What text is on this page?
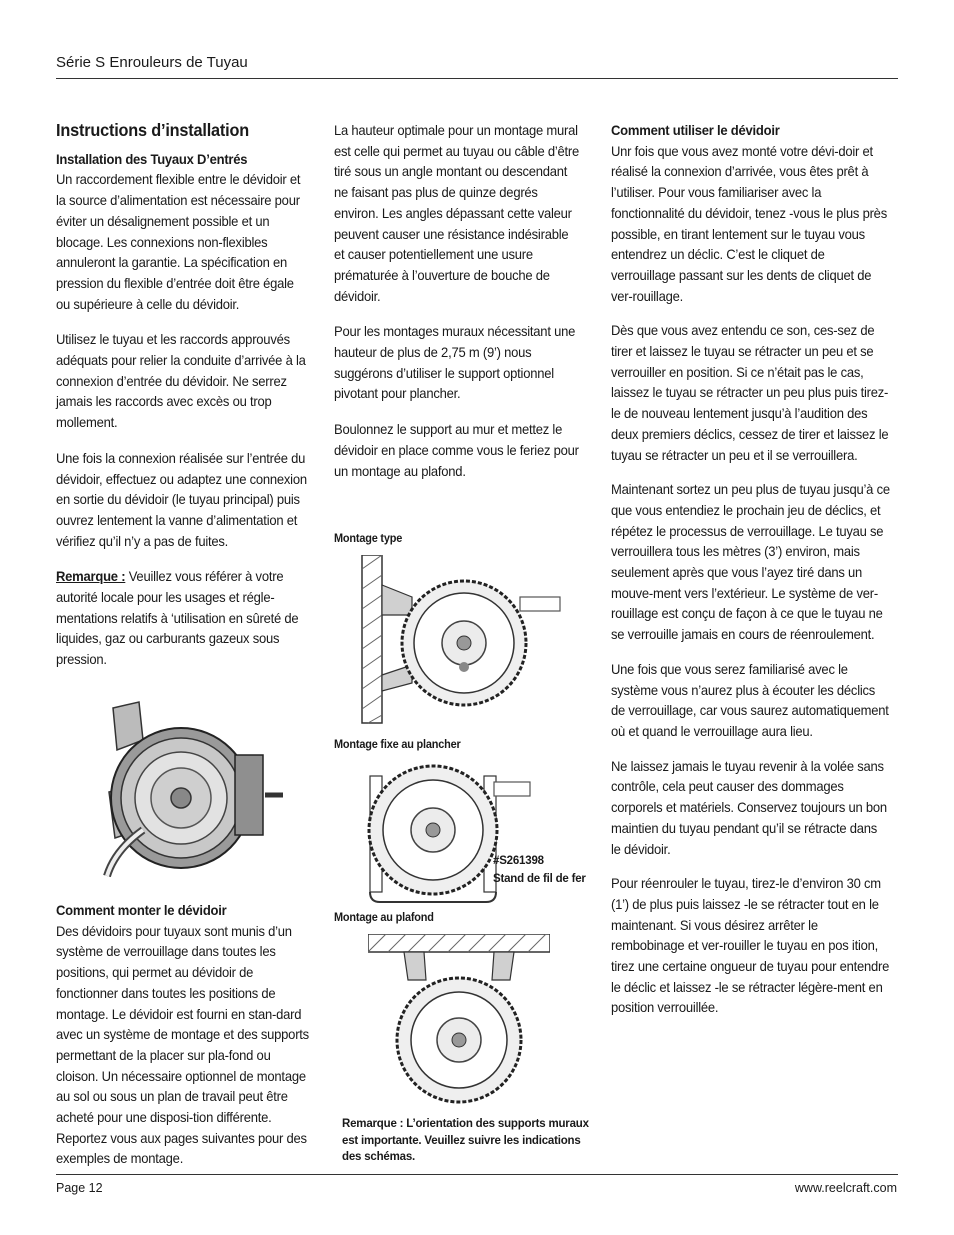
Série S Enrouleurs de Tuyau
Page 12	www.reelcraft.com
Instructions d’installation
Installation des Tuyaux D’entrés

Un raccordement flexible entre le dévidoir et la source d’alimentation est nécessaire pour éviter un désalignement possible et un blocage. Les connexions non-flexibles annuleront la garantie. La spécification en pression du flexible d’entrée doit être égale ou supérieure à celle du dévidoir.

Utilisez le tuyau et les raccords approuvés adéquats pour relier la conduite d’arrivée à la connexion d’entrée du dévidoir. Ne serrez jamais les raccords avec excès ou trop mollement.

Une fois la connexion réalisée sur l’entrée du dévidoir, effectuez ou adaptez une connexion en sortie du dévidoir (le tuyau principal) puis ouvrez lentement la vanne d’alimentation et vérifiez qu’il n’y a pas de fuites.

Remarque : Veuillez vous référer à votre autorité locale pour les usages et régle-mentations relatifs à ‘utilisation en sûreté de liquides, gaz ou carburants gazeux sous pression.

Comment monter le dévidoir

Des dévidoirs pour tuyaux sont munis d’un système de verrouillage dans toutes les positions, qui permet au dévidoir de fonctionner dans toutes les positions de montage. Le dévidoir est fourni en stan-dard avec un système de montage et des supports permettant de la placer sur pla-fond ou cloison. Un nécessaire optionnel de montage au sol ou sous un plan de travail peut être acheté pour une disposi-tion différente. Reportez vous aux pages suivantes pour des exemples de montage.

La hauteur optimale pour un montage mural est celle qui permet au tuyau ou câble d’être tiré sous un angle montant ou descendant ne faisant pas plus de quinze degrés environ. Les angles dépassant cette valeur peuvent causer une résistance indésirable et causer potentiellement une usure prématurée à l’ouverture de bouche de dévidoir.

Pour les montages muraux nécessitant une hauteur de plus de 2,75 m (9’) nous suggérons d’utiliser le support optionnel pivotant pour plancher.

Boulonnez le support au mur et mettez le dévidoir en place comme vous le feriez pour un montage au plafond.

Montage type
Montage fixe au plancher
#S261398
Stand de fil de fer
Montage au plafond
Remarque : L’orientation des supports muraux est importante. Veuillez suivre les indications des schémas.
Comment utiliser le dévidoir

Unr fois que vous avez monté votre dévi-doir et réalisé la connexion d’arrivée, vous êtes prêt à l’utiliser. Pour vous familiariser avec la fonctionnalité du dévidoir, tenez -vous le plus près possible, en tirant lentement sur le tuyau vous entendrez un déclic. C’est le cliquet de verrouillage passant sur les dents de cliquet de ver-rouillage.

Dès que vous avez entendu ce son, ces-sez de tirer et laissez le tuyau se rétracter un peu et se verrouiller en position. Si ce n’était pas le cas, laissez le tuyau se rétracter un peu plus puis tirez-le de nouveau lentement jusqu’à l’audition des deux premiers déclics, cessez de tirer et laissez le tuyau se rétracter un peu et il se verrouillera.

Maintenant sortez un peu plus de tuyau jusqu’à ce que vous entendiez le prochain jeu de déclics, et répétez le processus de verrouillage. Le tuyau se verrouillera tous les mètres (3’) environ, mais seulement après que vous l’ayez tiré dans un mouve-ment vers l’extérieur. Le système de ver-rouillage est conçu de façon à ce que le tuyau ne se verrouille jamais en cours de réenroulement.

Une fois que vous serez familiarisé avec le système vous n’aurez plus à écouter les déclics de verrouillage, car vous saurez automatiquement où et quand le verrouillage aura lieu.

Ne laissez jamais le tuyau revenir à la volée sans contrôle, cela peut causer des dommages corporels et matériels. Conservez toujours un bon maintien du tuyau pendant qu’il se rétracte dans le dévidoir.

Pour réenrouler le tuyau, tirez-le d’environ 30 cm (1’) de plus puis laissez -le se rétracter tout en le maintenant. Si vous désirez arrêter le rembobinage et ver-rouiller le tuyau en pos ition, tirez une certaine ongueur de tuyau pour entendre le déclic et laissez -le se rétracter légère-ment en position verrouillée.
